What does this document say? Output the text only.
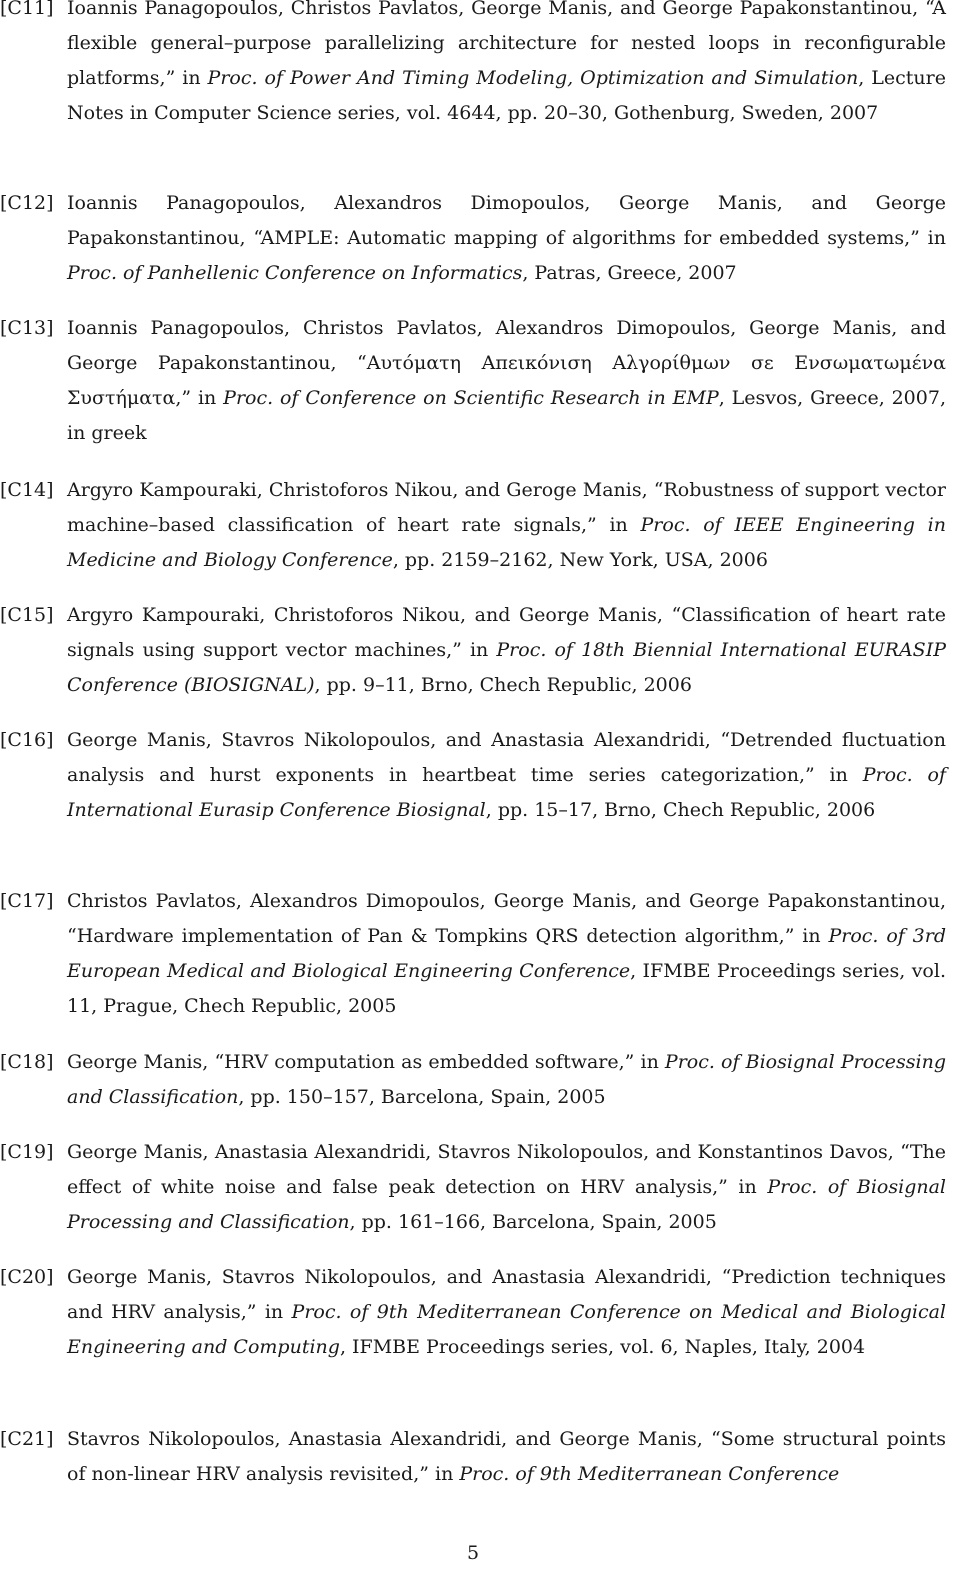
[C11] Ioannis Panagopoulos, Christos Pavlatos, George Manis, and George Papakonstantinou, “A flexible general–purpose parallelizing architecture for nested loops in reconfigurable platforms,” in Proc. of Power And Timing Modeling, Optimization and Simulation, Lecture Notes in Computer Science series, vol. 4644, pp. 20–30, Gothenburg, Sweden, 2007
[C12] Ioannis Panagopoulos, Alexandros Dimopoulos, George Manis, and George Papakonstantinou, “AMPLE: Automatic mapping of algorithms for embedded systems,” in Proc. of Panhellenic Conference on Informatics, Patras, Greece, 2007
[C13] Ioannis Panagopoulos, Christos Pavlatos, Alexandros Dimopoulos, George Manis, and George Papakonstantinou, “Αυτόματη Απεικόνιση Αλγορίθμων σε Ενσωματωμένα Συστήματα,” in Proc. of Conference on Scientific Research in EMP, Lesvos, Greece, 2007, in greek
[C14] Argyro Kampouraki, Christoforos Nikou, and Geroge Manis, “Robustness of support vector machine–based classification of heart rate signals,” in Proc. of IEEE Engineering in Medicine and Biology Conference, pp. 2159–2162, New York, USA, 2006
[C15] Argyro Kampouraki, Christoforos Nikou, and George Manis, “Classification of heart rate signals using support vector machines,” in Proc. of 18th Biennial International EURASIP Conference (BIOSIGNAL), pp. 9–11, Brno, Chech Republic, 2006
[C16] George Manis, Stavros Nikolopoulos, and Anastasia Alexandridi, “Detrended fluctuation analysis and hurst exponents in heartbeat time series categorization,” in Proc. of International Eurasip Conference Biosignal, pp. 15–17, Brno, Chech Republic, 2006
[C17] Christos Pavlatos, Alexandros Dimopoulos, George Manis, and George Papakonstantinou, “Hardware implementation of Pan & Tompkins QRS detection algorithm,” in Proc. of 3rd European Medical and Biological Engineering Conference, IFMBE Proceedings series, vol. 11, Prague, Chech Republic, 2005
[C18] George Manis, “HRV computation as embedded software,” in Proc. of Biosignal Processing and Classification, pp. 150–157, Barcelona, Spain, 2005
[C19] George Manis, Anastasia Alexandridi, Stavros Nikolopoulos, and Konstantinos Davos, “The effect of white noise and false peak detection on HRV analysis,” in Proc. of Biosignal Processing and Classification, pp. 161–166, Barcelona, Spain, 2005
[C20] George Manis, Stavros Nikolopoulos, and Anastasia Alexandridi, “Prediction techniques and HRV analysis,” in Proc. of 9th Mediterranean Conference on Medical and Biological Engineering and Computing, IFMBE Proceedings series, vol. 6, Naples, Italy, 2004
[C21] Stavros Nikolopoulos, Anastasia Alexandridi, and George Manis, “Some structural points of non-linear HRV analysis revisited,” in Proc. of 9th Mediterranean Conference
5
